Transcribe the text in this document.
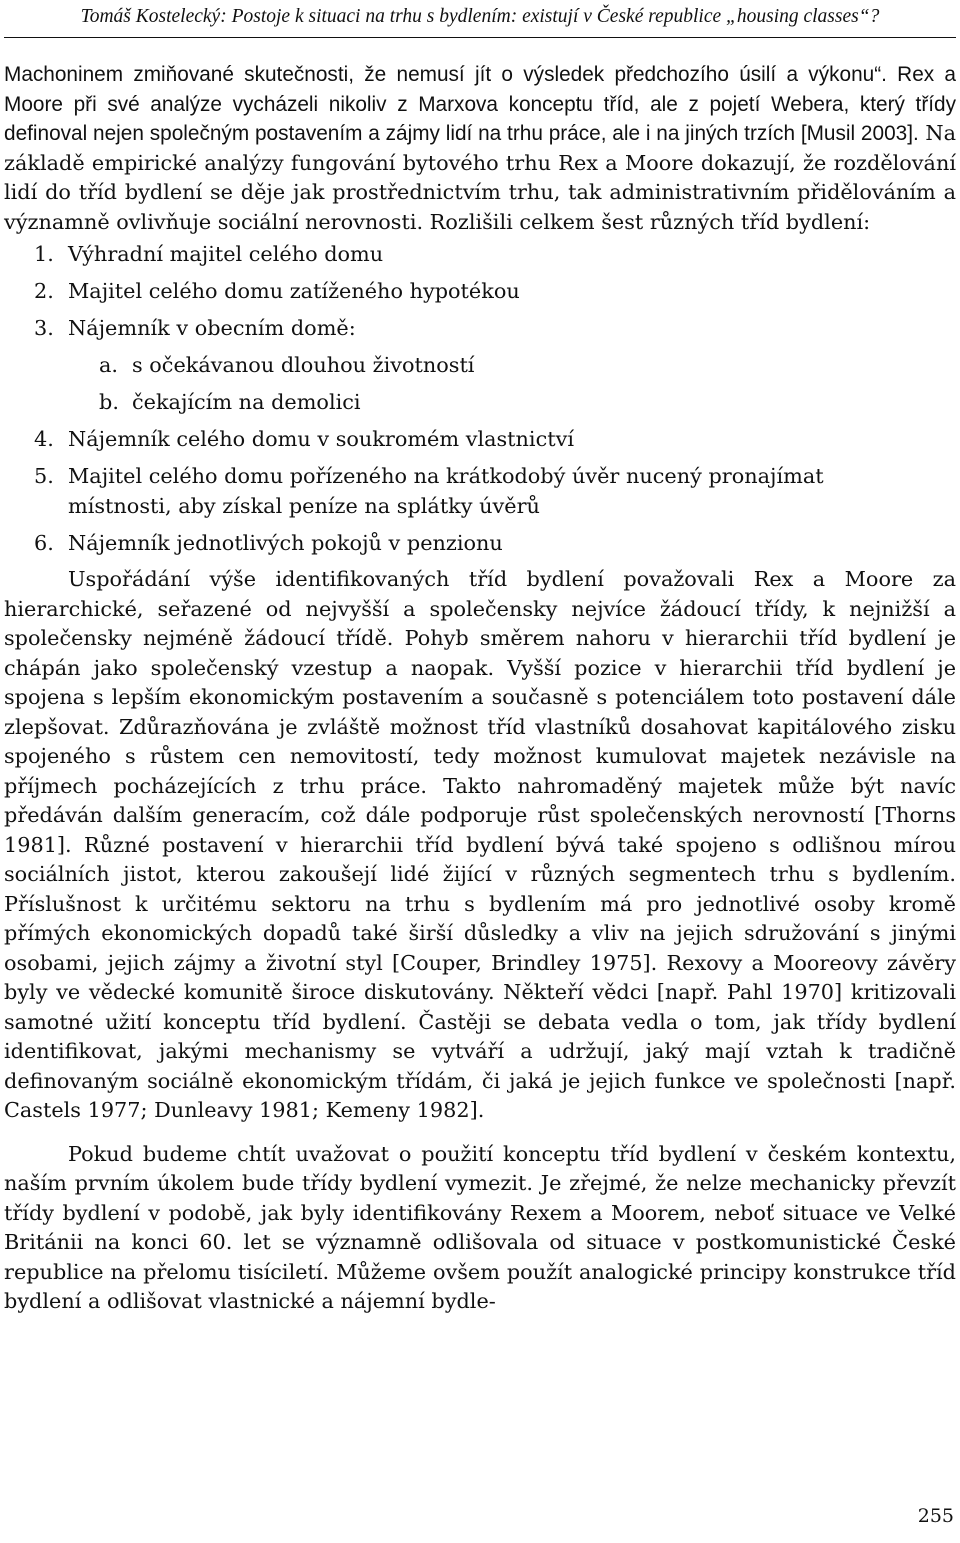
Tomáš Kostelecký: Postoje k situaci na trhu s bydlením: existují v České republice „housing classes“?

Machoninem zmiňované skutečnosti, že nemusí jít o výsledek předchozího úsilí a výkonu“. Rex a Moore při své analýze vycházeli nikoliv z Marxova konceptu tříd, ale z pojetí Webera, který třídy definoval nejen společným postavením a zájmy lidí na trhu práce, ale i na jiných trzích [Musil 2003]. Na základě empirické analýzy fungování bytového trhu Rex a Moore dokazují, že rozdělování lidí do tříd bydlení se děje jak prostřednictvím trhu, tak administrativním přidělováním a významně ovlivňuje sociální nerovnosti. Rozlišili celkem šest různých tříd bydlení:

1. Výhradní majitel celého domu
2. Majitel celého domu zatíženého hypotékou
3. Nájemník v obecním domě:
a. s očekávanou dlouhou životností
b. čekajícím na demolici
4. Nájemník celého domu v soukromém vlastnictví
5. Majitel celého domu pořízeného na krátkodobý úvěr nucený pronajímat místnosti, aby získal peníze na splátky úvěrů
6. Nájemník jednotlivých pokojů v penzionu

Uspořádání výše identifikovaných tříd bydlení považovali Rex a Moore za hierarchické, seřazené od nejvyšší a společensky nejvíce žádoucí třídy, k nejnižší a společensky nejméně žádoucí třídě. Pohyb směrem nahoru v hierarchii tříd bydlení je chápán jako společenský vzestup a naopak. Vyšší pozice v hierarchii tříd bydlení je spojena s lepším ekonomickým postavením a současně s potenciálem toto postavení dále zlepšovat. Zdůrazňována je zvláště možnost tříd vlastníků dosahovat kapitálového zisku spojeného s růstem cen nemovitostí, tedy možnost kumulovat majetek nezávisle na příjmech pocházejících z trhu práce. Takto nahromaděný majetek může být navíc předáván dalším generacím, což dále podporuje růst společenských nerovností [Thorns 1981]. Různé postavení v hierarchii tříd bydlení bývá také spojeno s odlišnou mírou sociálních jistot, kterou zakoušejí lidé žijící v různých segmentech trhu s bydlením. Příslušnost k určitému sektoru na trhu s bydlením má pro jednotlivé osoby kromě přímých ekonomických dopadů také širší důsledky a vliv na jejich sdružování s jinými osobami, jejich zájmy a životní styl [Couper, Brindley 1975]. Rexovy a Mooreovy závěry byly ve vědecké komunitě široce diskutovány. Někteří vědci [např. Pahl 1970] kritizovali samotné užití konceptu tříd bydlení. Častěji se debata vedla o tom, jak třídy bydlení identifikovat, jakými mechanismy se vytváří a udržují, jaký mají vztah k tradičně definovaným sociálně ekonomickým třídám, či jaká je jejich funkce ve společnosti [např. Castels 1977; Dunleavy 1981; Kemeny 1982].

Pokud budeme chtít uvažovat o použití konceptu tříd bydlení v českém kontextu, naším prvním úkolem bude třídy bydlení vymezit. Je zřejmé, že nelze mechanicky převzít třídy bydlení v podobě, jak byly identifikovány Rexem a Moorem, neboť situace ve Velké Británii na konci 60. let se významně odlišovala od situace v postkomunistické České republice na přelomu tisíciletí. Můžeme ovšem použít analogické principy konstrukce tříd bydlení a odlišovat vlastnické a nájemní bydle-

255
